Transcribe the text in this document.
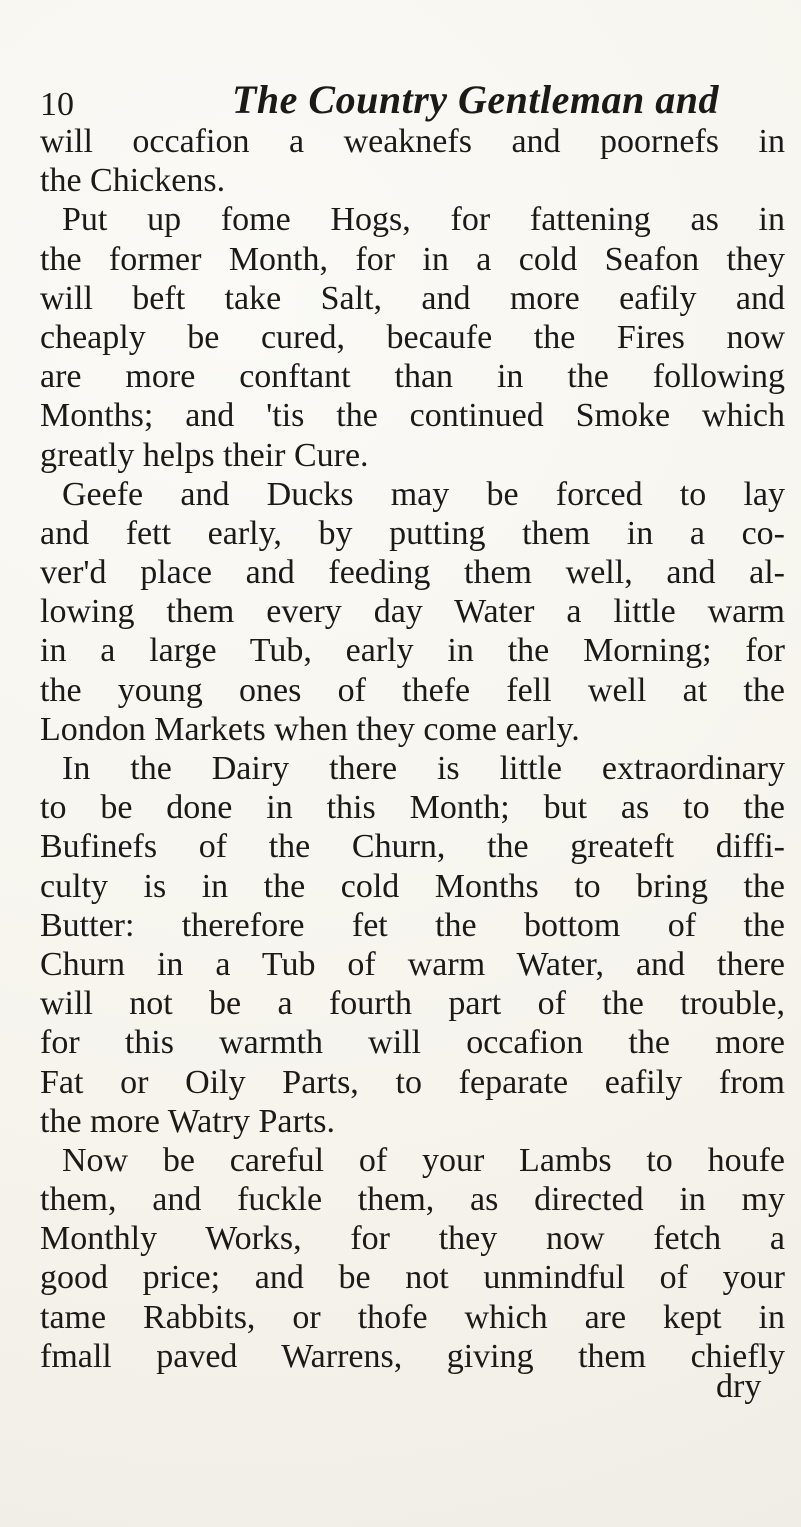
10	The Country Gentleman and
will occafion a weaknefs and poornefs in
the Chickens.
Put up fome Hogs, for fattening as in
the former Month, for in a cold Seafon they
will beft take Salt, and more eafily and
cheaply be cured, becaufe the Fires now
are more conftant than in the following
Months; and 'tis the continued Smoke which
greatly helps their Cure.
Geefe and Ducks may be forced to lay
and fett early, by putting them in a co-
ver'd place and feeding them well, and al-
lowing them every day Water a little warm
in a large Tub, early in the Morning; for
the young ones of thefe fell well at the
London Markets when they come early.
In the Dairy there is little extraordinary
to be done in this Month; but as to the
Bufinefs of the Churn, the greateft diffi-
culty is in the cold Months to bring the
Butter: therefore fet the bottom of the
Churn in a Tub of warm Water, and there
will not be a fourth part of the trouble,
for this warmth will occafion the more
Fat or Oily Parts, to feparate eafily from
the more Watry Parts.
Now be careful of your Lambs to houfe
them, and fuckle them, as directed in my
Monthly Works, for they now fetch a
good price; and be not unmindful of your
tame Rabbits, or thofe which are kept in
fmall paved Warrens, giving them chiefly
dry
